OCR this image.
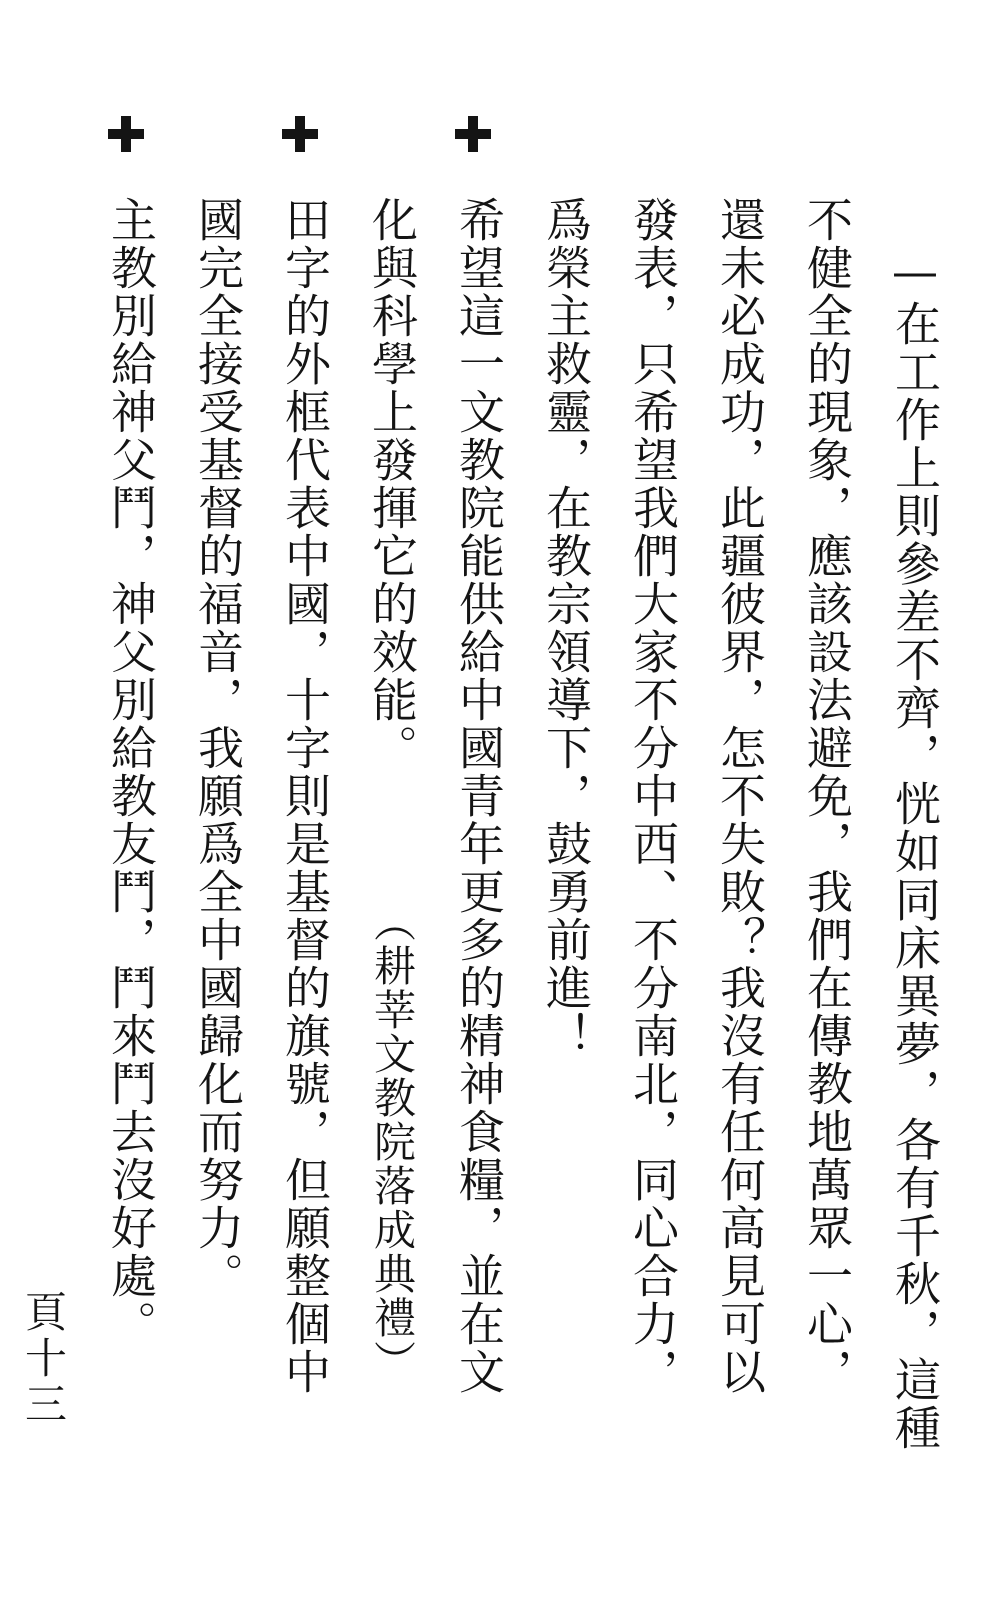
—在工作上則參差不齊，恍如同床異夢，各有千秋，這種
不健全的現象，應該設法避免，我們在傳教地萬眾一心，
還未必成功，此疆彼界，怎不失敗？我沒有任何高見可以
發表，只希望我們大家不分中西、不分南北，同心合力，
爲榮主救靈，在教宗領導下，鼓勇前進！
希望這一文教院能供給中國青年更多的精神食糧，並在文
化與科學上發揮它的效能。
（耕莘文教院落成典禮）
田字的外框代表中國，十字則是基督的旗號，但願整個中
國完全接受基督的福音，我願爲全中國歸化而努力。
主教別給神父鬥，神父別給教友鬥，鬥來鬥去沒好處。
頁十三
